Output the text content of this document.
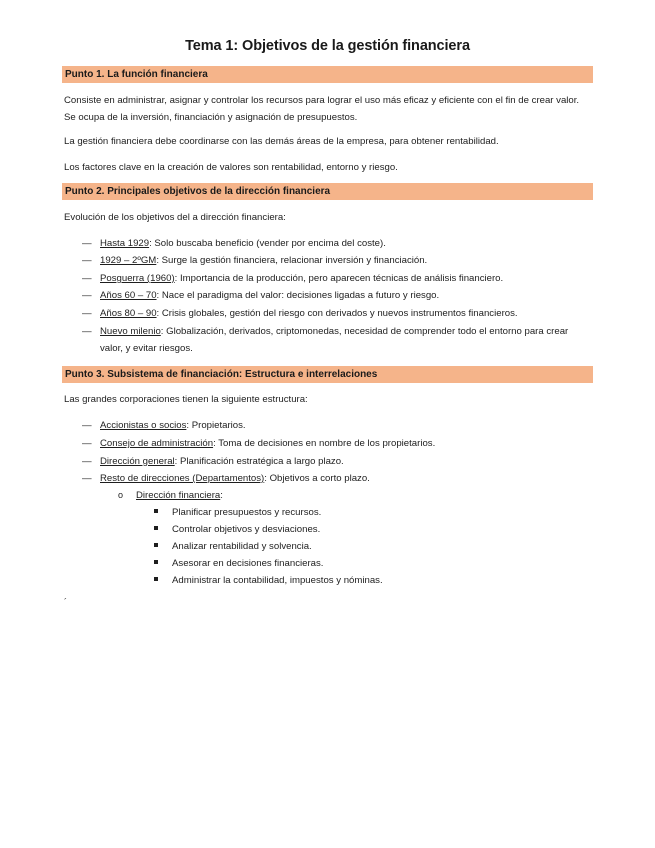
Tema 1: Objetivos de la gestión financiera
Punto 1. La función financiera
Consiste en administrar, asignar y controlar los recursos para lograr el uso más eficaz y eficiente con el fin de crear valor. Se ocupa de la inversión, financiación y asignación de presupuestos.
La gestión financiera debe coordinarse con las demás áreas de la empresa, para obtener rentabilidad.
Los factores clave en la creación de valores son rentabilidad, entorno y riesgo.
Punto 2. Principales objetivos de la dirección financiera
Evolución de los objetivos del a dirección financiera:
— Hasta 1929: Solo buscaba beneficio (vender por encima del coste).
— 1929 – 2ºGM: Surge la gestión financiera, relacionar inversión y financiación.
— Posguerra (1960): Importancia de la producción, pero aparecen técnicas de análisis financiero.
— Años 60 – 70: Nace el paradigma del valor: decisiones ligadas a futuro y riesgo.
— Años 80 – 90: Crisis globales, gestión del riesgo con derivados y nuevos instrumentos financieros.
— Nuevo milenio: Globalización, derivados, criptomonedas, necesidad de comprender todo el entorno para crear valor, y evitar riesgos.
Punto 3. Subsistema de financiación: Estructura e interrelaciones
Las grandes corporaciones tienen la siguiente estructura:
— Accionistas o socios: Propietarios.
— Consejo de administración: Toma de decisiones en nombre de los propietarios.
— Dirección general: Planificación estratégica a largo plazo.
— Resto de direcciones (Departamentos): Objetivos a corto plazo.
o Dirección financiera:
Planificar presupuestos y recursos.
Controlar objetivos y desviaciones.
Analizar rentabilidad y solvencia.
Asesorar en decisiones financieras.
Administrar la contabilidad, impuestos y nóminas.
´
